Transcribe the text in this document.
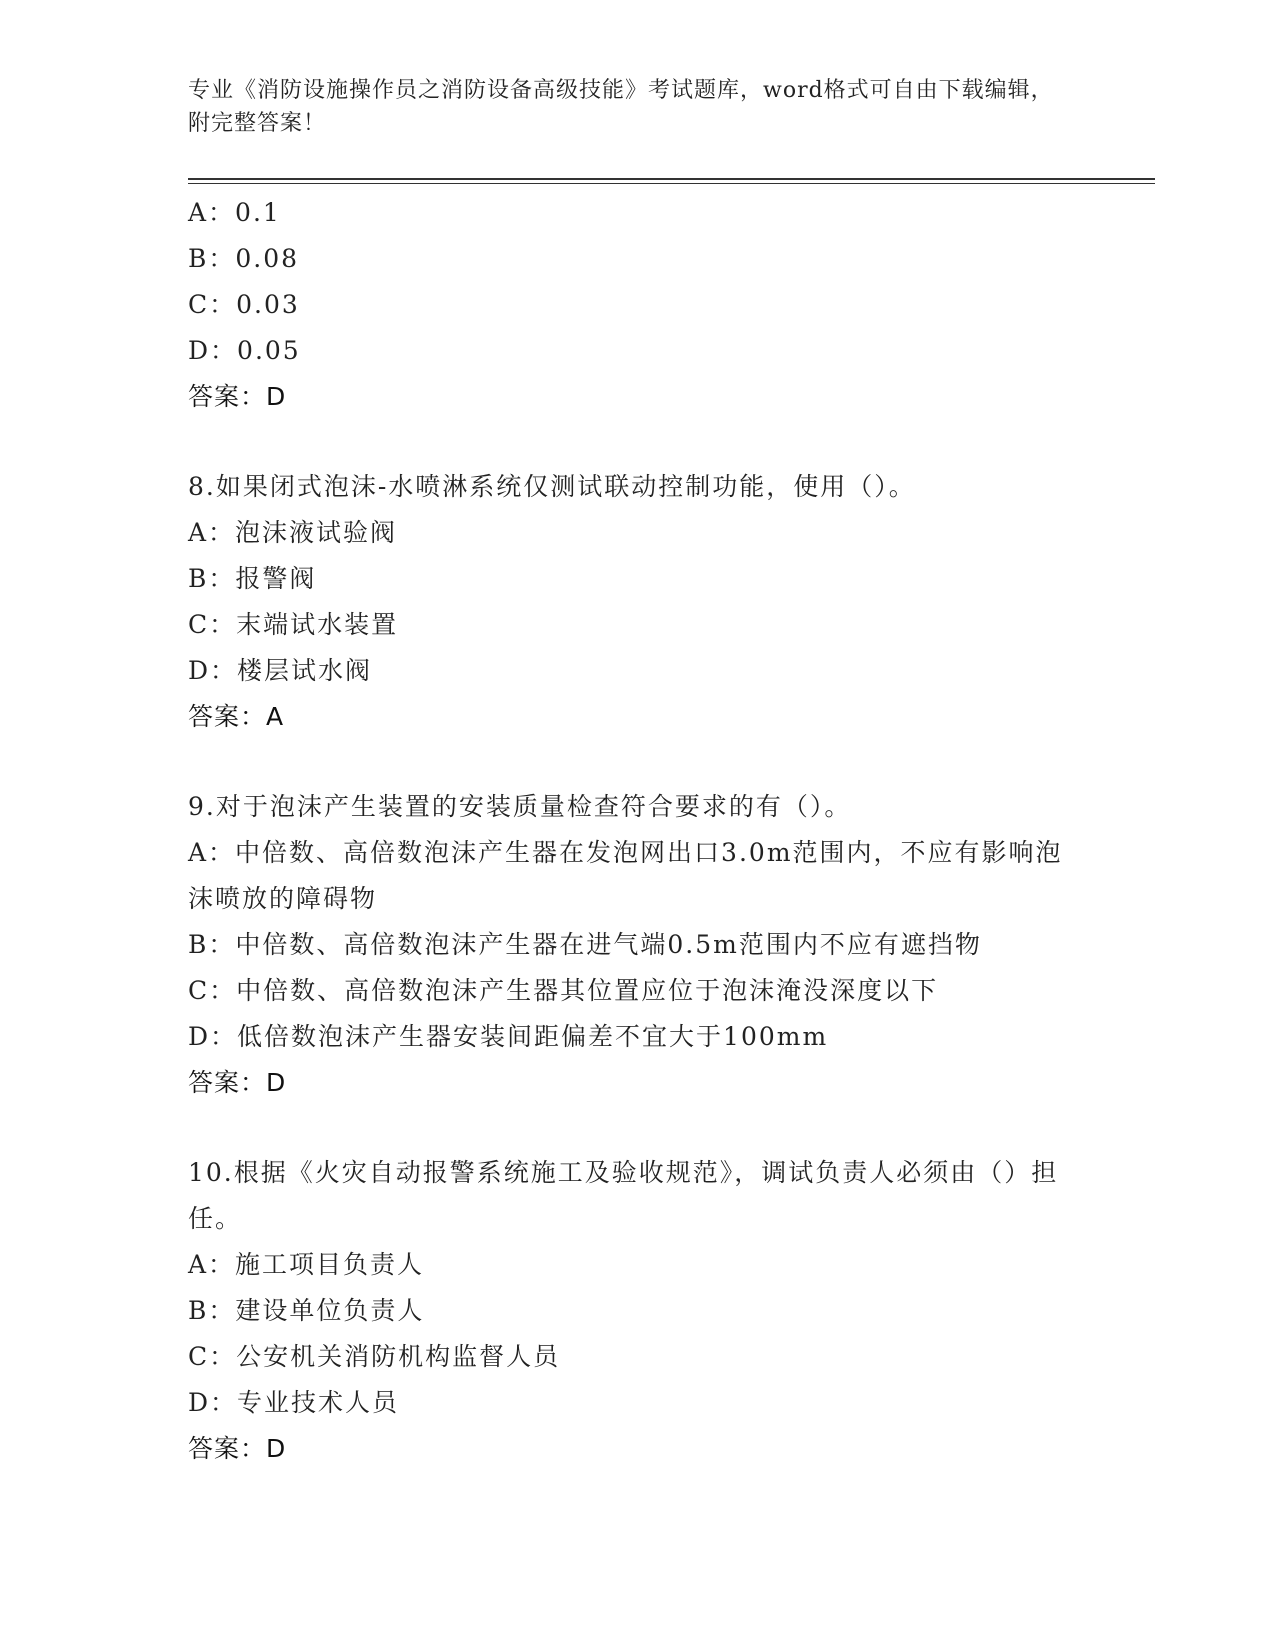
专业《消防设施操作员之消防设备高级技能》考试题库，word格式可自由下载编辑，附完整答案！
A：0.1
B：0.08
C：0.03
D：0.05
答案：D
8.如果闭式泡沫-水喷淋系统仅测试联动控制功能，使用（）。
A：泡沫液试验阀
B：报警阀
C：末端试水装置
D：楼层试水阀
答案：A
9.对于泡沫产生装置的安装质量检查符合要求的有（）。
A：中倍数、高倍数泡沫产生器在发泡网出口3.0m范围内，不应有影响泡沫喷放的障碍物
B：中倍数、高倍数泡沫产生器在进气端0.5m范围内不应有遮挡物
C：中倍数、高倍数泡沫产生器其位置应位于泡沫淹没深度以下
D：低倍数泡沫产生器安装间距偏差不宜大于100mm
答案：D
10.根据《火灾自动报警系统施工及验收规范》，调试负责人必须由（）担任。
A：施工项目负责人
B：建设单位负责人
C：公安机关消防机构监督人员
D：专业技术人员
答案：D
